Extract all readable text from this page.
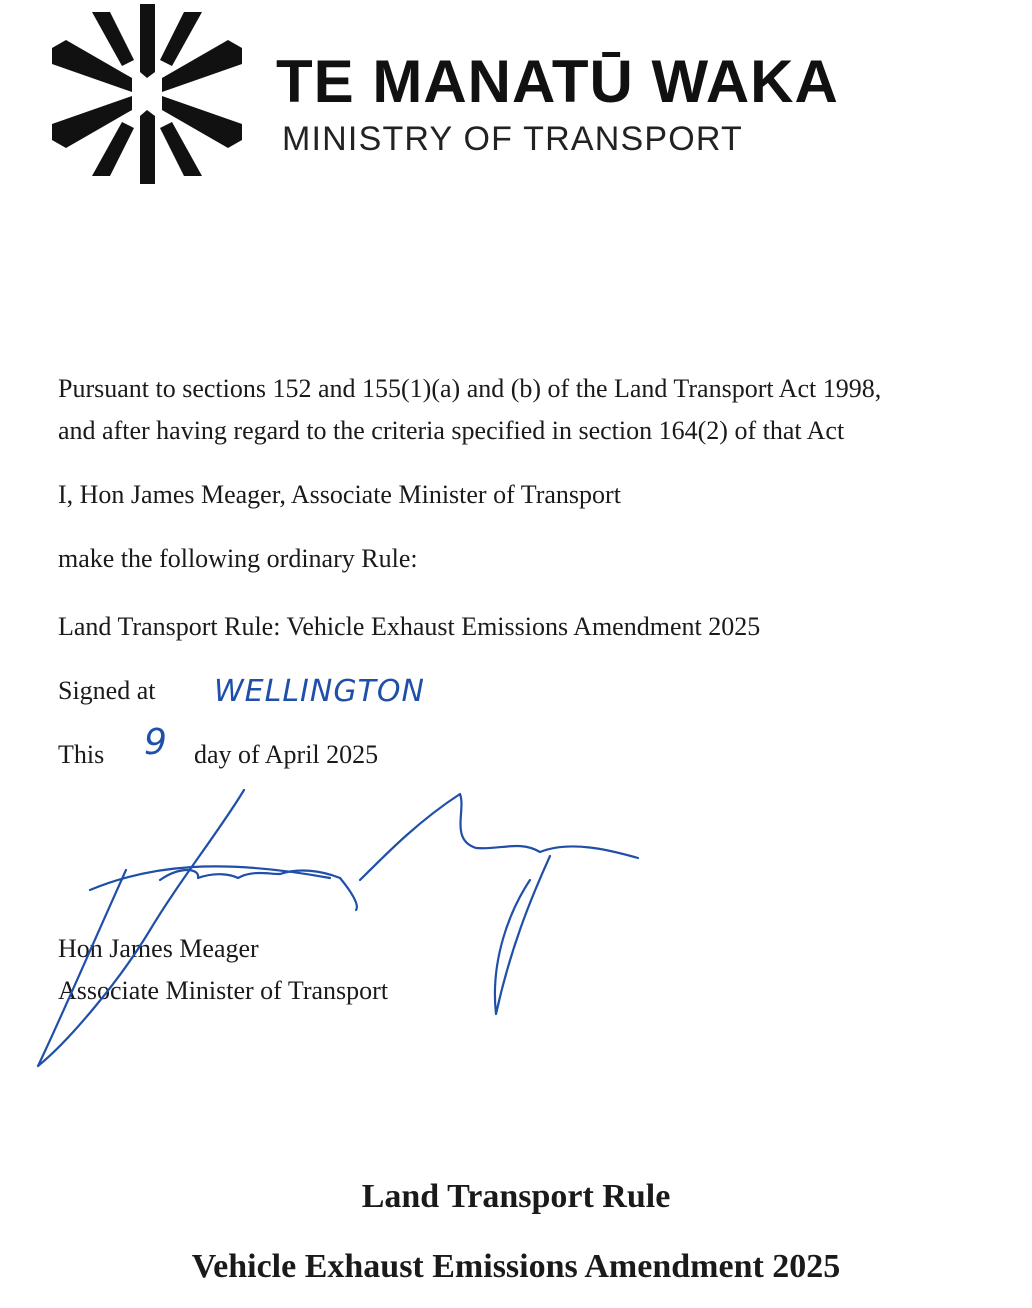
TE MANATŪ WAKA
MINISTRY OF TRANSPORT
Pursuant to sections 152 and 155(1)(a) and (b) of the Land Transport Act 1998,
and after having regard to the criteria specified in section 164(2) of that Act
I, Hon James Meager, Associate Minister of Transport
make the following ordinary Rule:
Land Transport Rule: Vehicle Exhaust Emissions Amendment 2025
Signed at WELLINGTON
This 9 day of April 2025
Hon James Meager
Associate Minister of Transport
Land Transport Rule
Vehicle Exhaust Emissions Amendment 2025
